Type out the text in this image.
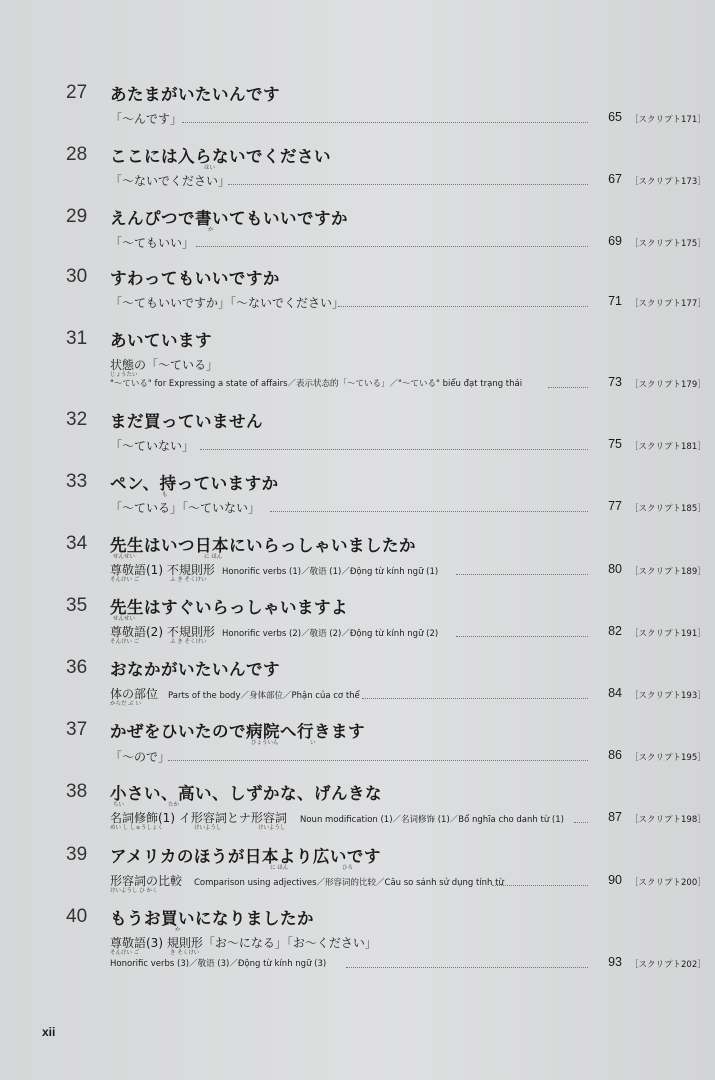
27	あたまがいたいんです
「〜んです」	65 ［スクリプト171］
28	ここには入らないでください
はい
「〜ないでください」	67 ［スクリプト173］
29	えんぴつで書いてもいいですか
か
「〜てもいい」	69 ［スクリプト175］
30	すわってもいいですか
「〜てもいいですか」「〜ないでください」	71 ［スクリプト177］
31	あいています
状態の「〜ている」
じょうたい
"〜ている" for Expressing a state of affairs／表示状态的「〜ている」／"〜ている" biểu đạt trạng thái	73 ［スクリプト179］
32	まだ買っていません
「〜ていない」	75 ［スクリプト181］
33	ペン、持っていますか
も
「〜ている」「〜ていない」	77 ［スクリプト185］
34	先生はいつ日本にいらっしゃいましたか
せんせい	に ほん
尊敬語(1) 不規則形
そんけい ご	ふ き そくけい
Honorific verbs (1)／敬语 (1)／Động từ kính ngữ (1)	80 ［スクリプト189］
35	先生はすぐいらっしゃいますよ
せんせい
尊敬語(2) 不規則形
そんけい ご	ふ き そくけい
Honorific verbs (2)／敬语 (2)／Động từ kính ngữ (2)	82 ［スクリプト191］
36	おなかがいたいんです
体の部位
からだ ぶ い
Parts of the body／身体部位／Phận của cơ thể	84 ［スクリプト193］
37	かぜをひいたので病院へ行きます
びょういん	い
「〜ので」	86 ［スクリプト195］
38	小さい、高い、しずかな、げんきな
ちい	たか
名詞修飾(1) イ形容詞とナ形容詞
めい し しゅうしょく	けいようし	けいようし
Noun modification (1)／名词修饰 (1)／Bổ nghĩa cho danh từ (1)	87 ［スクリプト198］
39	アメリカのほうが日本より広いです
に ほん	ひろ
形容詞の比較
けいようし ひ かく
Comparison using adjectives／形容词的比较／Câu so sánh sử dụng tính từ	90 ［スクリプト200］
40	もうお買いになりましたか
か
尊敬語(3) 規則形「お〜になる」「お〜ください」
そんけい ご	き そくけい
Honorific verbs (3)／敬语 (3)／Động từ kính ngữ (3)	93 ［スクリプト202］
xii
